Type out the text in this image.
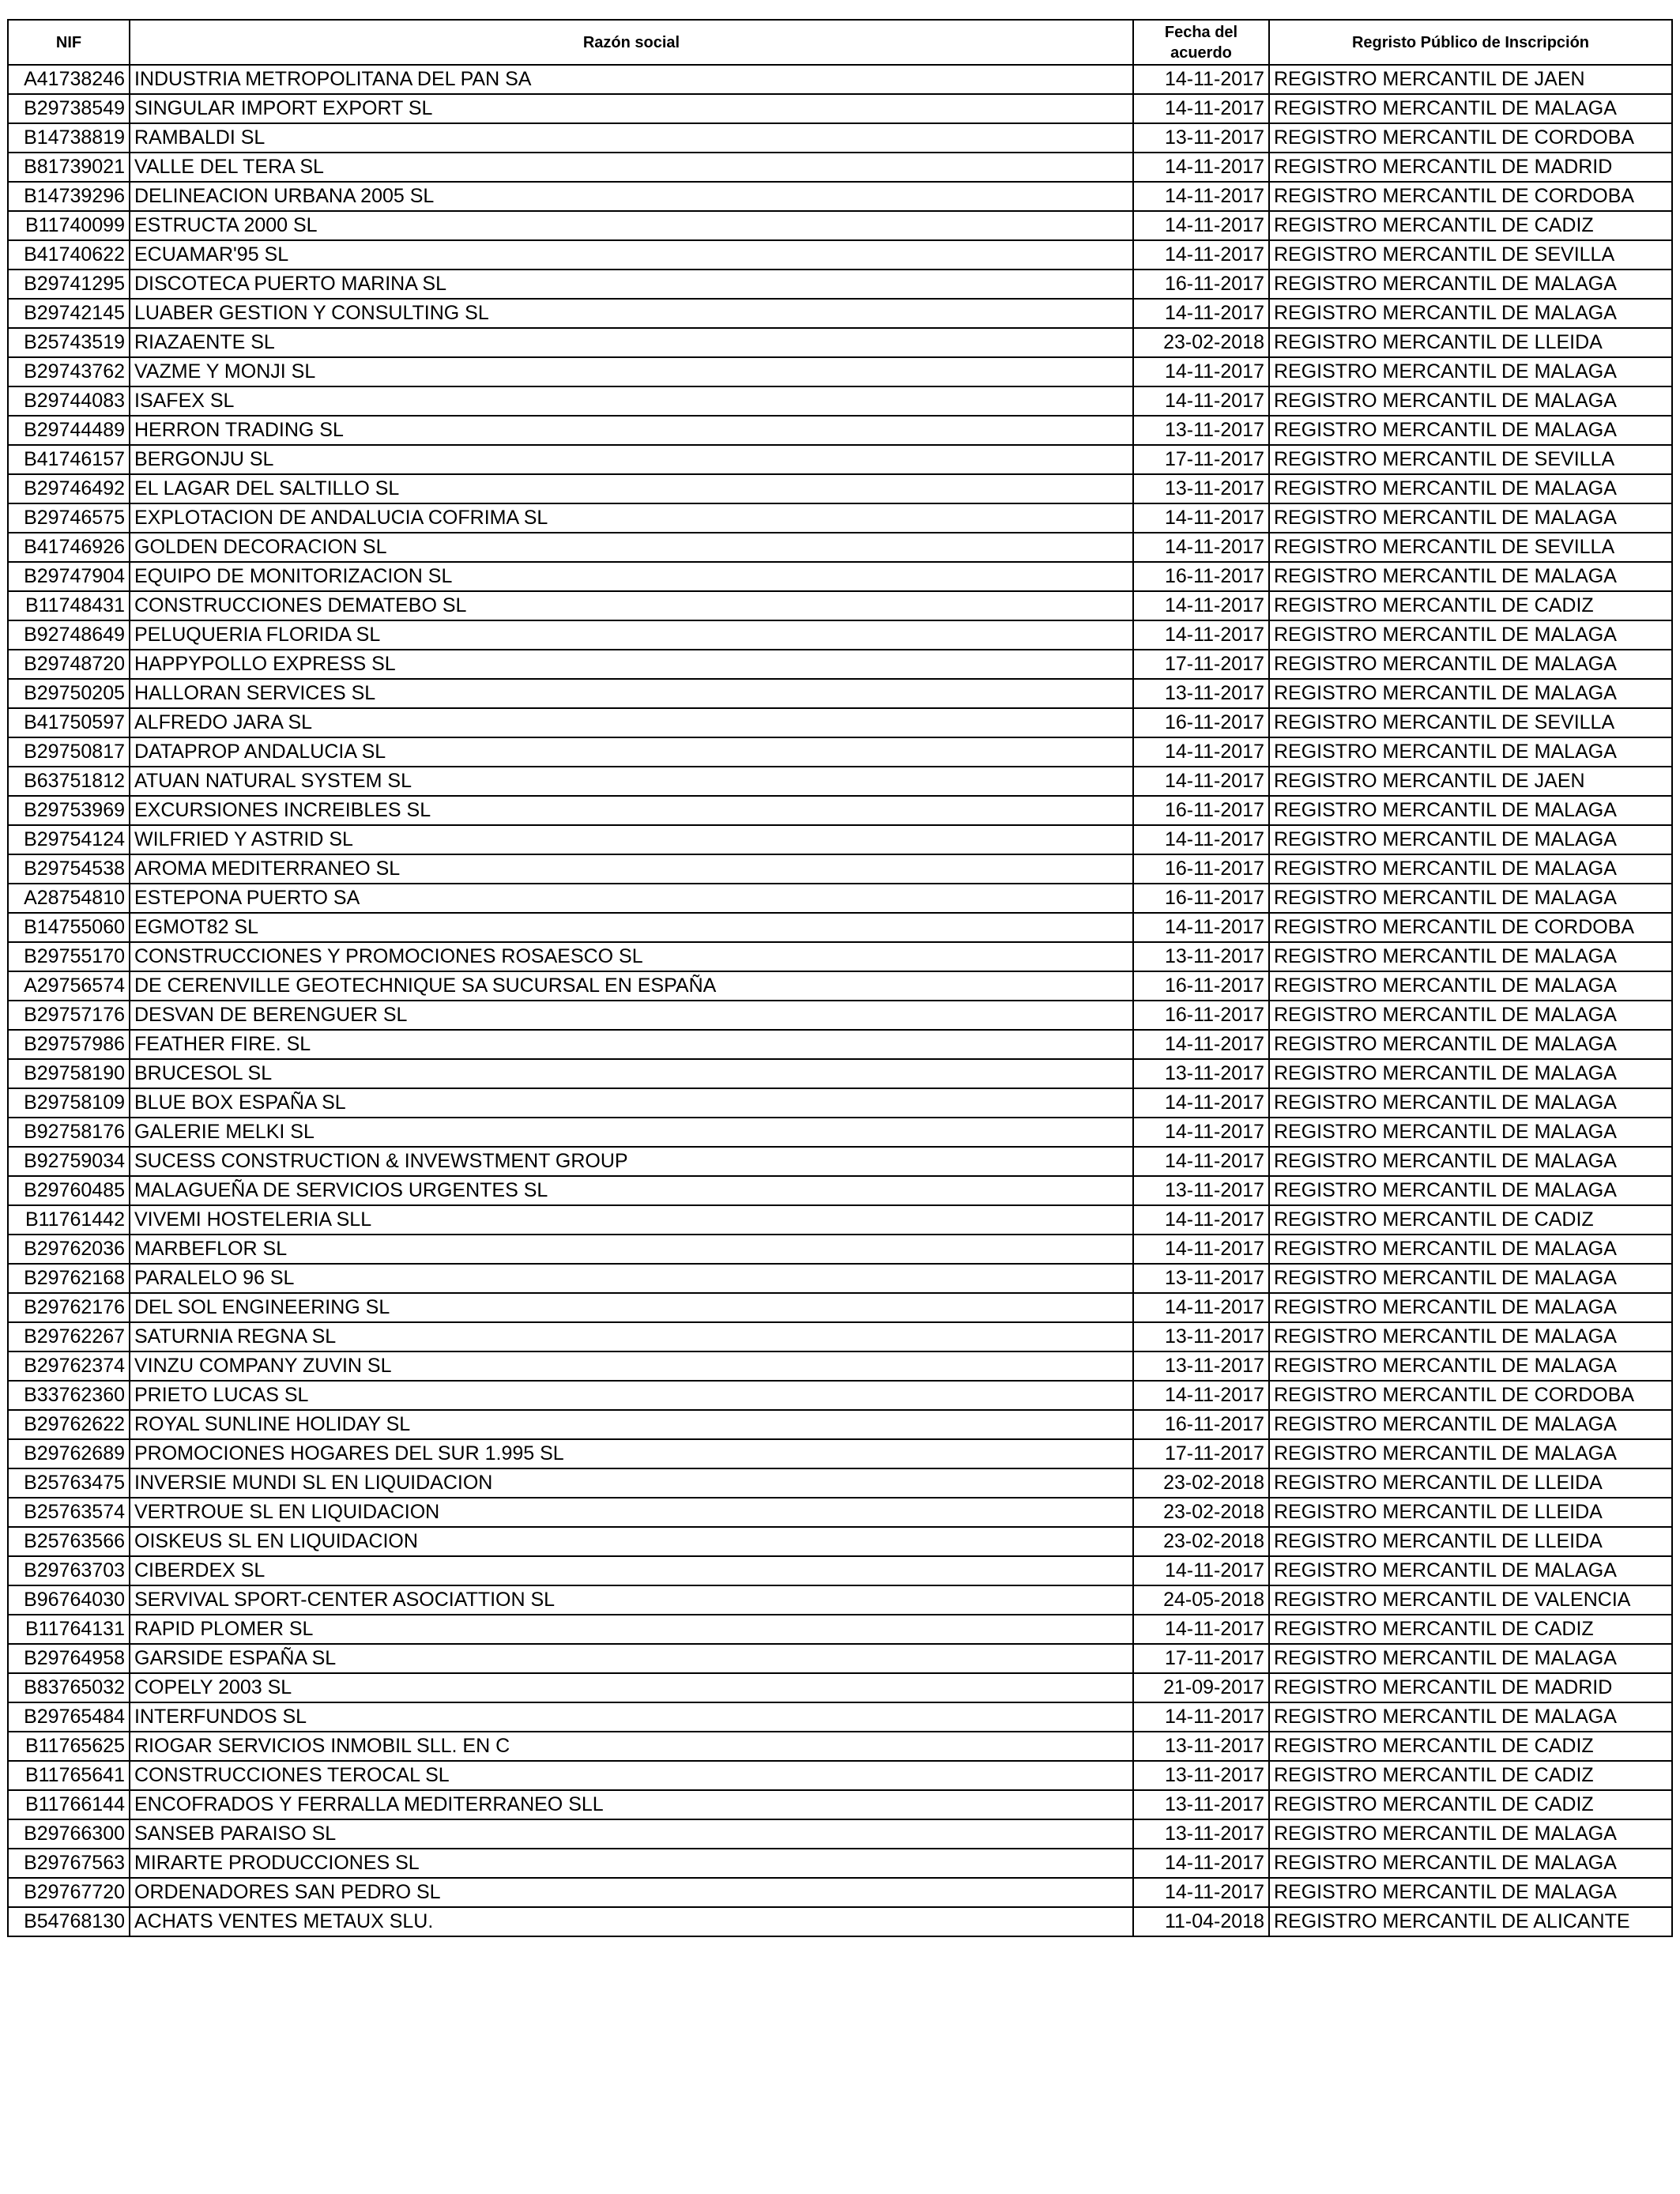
NIF	Razón social	Fecha del acuerdo	Regristo Público de Inscripción
A41738246	INDUSTRIA METROPOLITANA DEL PAN SA	14-11-2017	REGISTRO MERCANTIL DE JAEN
B29738549	SINGULAR IMPORT EXPORT SL	14-11-2017	REGISTRO MERCANTIL DE MALAGA
B14738819	RAMBALDI SL	13-11-2017	REGISTRO MERCANTIL DE CORDOBA
B81739021	VALLE DEL TERA SL	14-11-2017	REGISTRO MERCANTIL DE MADRID
B14739296	DELINEACION URBANA 2005 SL	14-11-2017	REGISTRO MERCANTIL DE CORDOBA
B11740099	ESTRUCTA 2000 SL	14-11-2017	REGISTRO MERCANTIL DE CADIZ
B41740622	ECUAMAR'95 SL	14-11-2017	REGISTRO MERCANTIL DE SEVILLA
B29741295	DISCOTECA PUERTO MARINA SL	16-11-2017	REGISTRO MERCANTIL DE MALAGA
B29742145	LUABER GESTION Y CONSULTING SL	14-11-2017	REGISTRO MERCANTIL DE MALAGA
B25743519	RIAZAENTE SL	23-02-2018	REGISTRO MERCANTIL DE LLEIDA
B29743762	VAZME Y MONJI SL	14-11-2017	REGISTRO MERCANTIL DE MALAGA
B29744083	ISAFEX SL	14-11-2017	REGISTRO MERCANTIL DE MALAGA
B29744489	HERRON TRADING SL	13-11-2017	REGISTRO MERCANTIL DE MALAGA
B41746157	BERGONJU SL	17-11-2017	REGISTRO MERCANTIL DE SEVILLA
B29746492	EL LAGAR DEL SALTILLO SL	13-11-2017	REGISTRO MERCANTIL DE MALAGA
B29746575	EXPLOTACION DE ANDALUCIA COFRIMA SL	14-11-2017	REGISTRO MERCANTIL DE MALAGA
B41746926	GOLDEN DECORACION SL	14-11-2017	REGISTRO MERCANTIL DE SEVILLA
B29747904	EQUIPO DE MONITORIZACION SL	16-11-2017	REGISTRO MERCANTIL DE MALAGA
B11748431	CONSTRUCCIONES DEMATEBO SL	14-11-2017	REGISTRO MERCANTIL DE CADIZ
B92748649	PELUQUERIA FLORIDA SL	14-11-2017	REGISTRO MERCANTIL DE MALAGA
B29748720	HAPPYPOLLO EXPRESS SL	17-11-2017	REGISTRO MERCANTIL DE MALAGA
B29750205	HALLORAN SERVICES SL	13-11-2017	REGISTRO MERCANTIL DE MALAGA
B41750597	ALFREDO JARA SL	16-11-2017	REGISTRO MERCANTIL DE SEVILLA
B29750817	DATAPROP ANDALUCIA SL	14-11-2017	REGISTRO MERCANTIL DE MALAGA
B63751812	ATUAN NATURAL SYSTEM SL	14-11-2017	REGISTRO MERCANTIL DE JAEN
B29753969	EXCURSIONES INCREIBLES SL	16-11-2017	REGISTRO MERCANTIL DE MALAGA
B29754124	WILFRIED Y ASTRID SL	14-11-2017	REGISTRO MERCANTIL DE MALAGA
B29754538	AROMA MEDITERRANEO SL	16-11-2017	REGISTRO MERCANTIL DE MALAGA
A28754810	ESTEPONA PUERTO SA	16-11-2017	REGISTRO MERCANTIL DE MALAGA
B14755060	EGMOT82 SL	14-11-2017	REGISTRO MERCANTIL DE CORDOBA
B29755170	CONSTRUCCIONES Y PROMOCIONES ROSAESCO SL	13-11-2017	REGISTRO MERCANTIL DE MALAGA
A29756574	DE CERENVILLE GEOTECHNIQUE SA SUCURSAL EN ESPAÑA	16-11-2017	REGISTRO MERCANTIL DE MALAGA
B29757176	DESVAN DE BERENGUER SL	16-11-2017	REGISTRO MERCANTIL DE MALAGA
B29757986	FEATHER FIRE. SL	14-11-2017	REGISTRO MERCANTIL DE MALAGA
B29758190	BRUCESOL SL	13-11-2017	REGISTRO MERCANTIL DE MALAGA
B29758109	BLUE BOX ESPAÑA SL	14-11-2017	REGISTRO MERCANTIL DE MALAGA
B92758176	GALERIE MELKI SL	14-11-2017	REGISTRO MERCANTIL DE MALAGA
B92759034	SUCESS CONSTRUCTION & INVEWSTMENT GROUP	14-11-2017	REGISTRO MERCANTIL DE MALAGA
B29760485	MALAGUEÑA DE SERVICIOS URGENTES SL	13-11-2017	REGISTRO MERCANTIL DE MALAGA
B11761442	VIVEMI HOSTELERIA SLL	14-11-2017	REGISTRO MERCANTIL DE CADIZ
B29762036	MARBEFLOR SL	14-11-2017	REGISTRO MERCANTIL DE MALAGA
B29762168	PARALELO 96 SL	13-11-2017	REGISTRO MERCANTIL DE MALAGA
B29762176	DEL SOL ENGINEERING SL	14-11-2017	REGISTRO MERCANTIL DE MALAGA
B29762267	SATURNIA REGNA SL	13-11-2017	REGISTRO MERCANTIL DE MALAGA
B29762374	VINZU COMPANY ZUVIN SL	13-11-2017	REGISTRO MERCANTIL DE MALAGA
B33762360	PRIETO LUCAS SL	14-11-2017	REGISTRO MERCANTIL DE CORDOBA
B29762622	ROYAL SUNLINE HOLIDAY SL	16-11-2017	REGISTRO MERCANTIL DE MALAGA
B29762689	PROMOCIONES HOGARES DEL SUR 1.995 SL	17-11-2017	REGISTRO MERCANTIL DE MALAGA
B25763475	INVERSIE MUNDI SL EN LIQUIDACION	23-02-2018	REGISTRO MERCANTIL DE LLEIDA
B25763574	VERTROUE SL EN LIQUIDACION	23-02-2018	REGISTRO MERCANTIL DE LLEIDA
B25763566	OISKEUS SL EN LIQUIDACION	23-02-2018	REGISTRO MERCANTIL DE LLEIDA
B29763703	CIBERDEX SL	14-11-2017	REGISTRO MERCANTIL DE MALAGA
B96764030	SERVIVAL SPORT-CENTER ASOCIATTION SL	24-05-2018	REGISTRO MERCANTIL DE VALENCIA
B11764131	RAPID PLOMER SL	14-11-2017	REGISTRO MERCANTIL DE CADIZ
B29764958	GARSIDE ESPAÑA SL	17-11-2017	REGISTRO MERCANTIL DE MALAGA
B83765032	COPELY 2003 SL	21-09-2017	REGISTRO MERCANTIL DE MADRID
B29765484	INTERFUNDOS SL	14-11-2017	REGISTRO MERCANTIL DE MALAGA
B11765625	RIOGAR SERVICIOS INMOBIL SLL. EN C	13-11-2017	REGISTRO MERCANTIL DE CADIZ
B11765641	CONSTRUCCIONES TEROCAL SL	13-11-2017	REGISTRO MERCANTIL DE CADIZ
B11766144	ENCOFRADOS Y FERRALLA MEDITERRANEO SLL	13-11-2017	REGISTRO MERCANTIL DE CADIZ
B29766300	SANSEB PARAISO SL	13-11-2017	REGISTRO MERCANTIL DE MALAGA
B29767563	MIRARTE PRODUCCIONES SL	14-11-2017	REGISTRO MERCANTIL DE MALAGA
B29767720	ORDENADORES SAN PEDRO SL	14-11-2017	REGISTRO MERCANTIL DE MALAGA
B54768130	ACHATS VENTES METAUX SLU.	11-04-2018	REGISTRO MERCANTIL DE ALICANTE
